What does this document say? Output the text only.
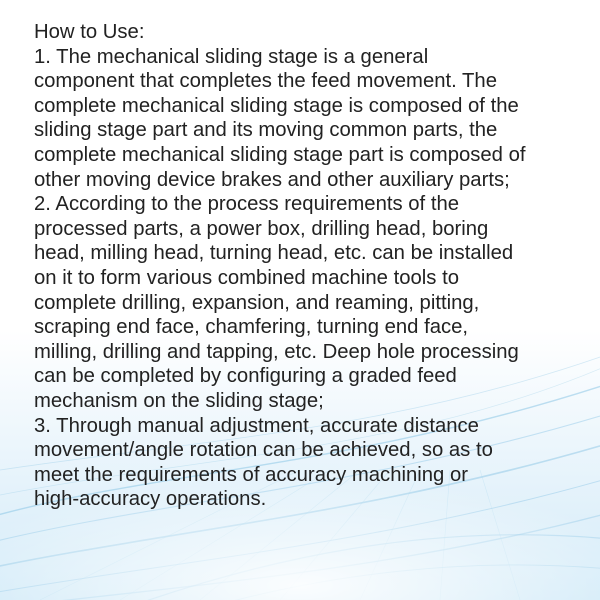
How to Use:

1. The mechanical sliding stage is a general

component that completes the feed movement. The

complete mechanical sliding stage is composed of the

sliding stage part and its moving common parts, the

complete mechanical sliding stage part is composed of

other moving device brakes and other auxiliary parts;

2. According to the process requirements of the

processed parts, a power box, drilling head, boring

head, milling head, turning head, etc. can be installed

on it to form various combined machine tools to

complete drilling, expansion, and reaming, pitting,

scraping end face, chamfering, turning end face,

milling, drilling and tapping, etc. Deep hole processing

can be completed by configuring a graded feed

mechanism on the sliding stage;

3. Through manual adjustment, accurate distance

movement/angle rotation can be achieved, so as to

meet the requirements of accuracy machining or

high-accuracy operations.
